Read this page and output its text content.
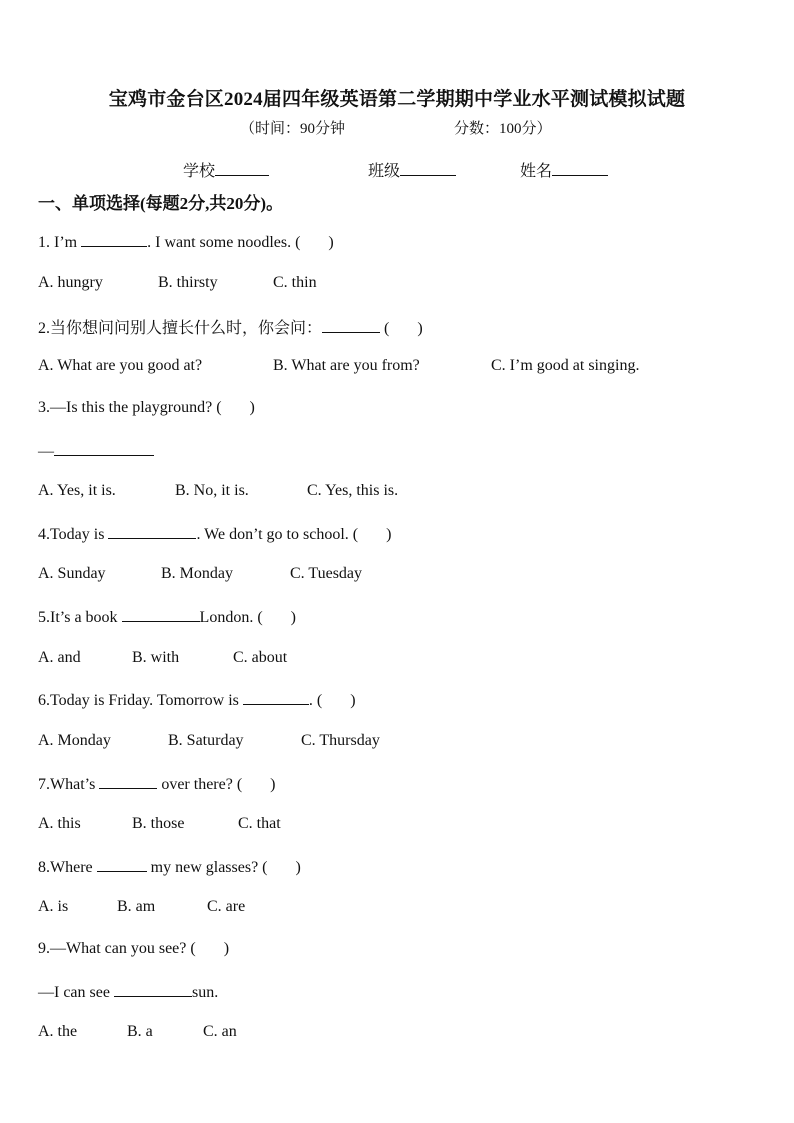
宝鸡市金台区2024届四年级英语第二学期期中学业水平测试模拟试题
（时间：90分钟	分数：100分）
学校	班级	姓名
一、单项选择(每题2分,共20分)。
1. I’m	. I want some noodles. ( )
A. hungry	B. thirsty	C. thin
2.当你想问问别人擅长什么时，你会问：	( )
A. What are you good at?	B. What are you from?	C. I’m good at singing.
3.—Is this the playground? ( )
—
A. Yes, it is.	B. No, it is.	C. Yes, this is.
4.Today is	. We don’t go to school. ( )
A. Sunday	B. Monday	C. Tuesday
5.It’s a book	London. ( )
A. and	B. with	C. about
6.Today is Friday. Tomorrow is	. ( )
A. Monday	B. Saturday	C. Thursday
7.What’s	over there? ( )
A. this	B. those	C. that
8.Where	my new glasses? ( )
A. is	B. am	C. are
9.—What can you see? ( )
—I can see	sun.
A. the	B. a	C. an
